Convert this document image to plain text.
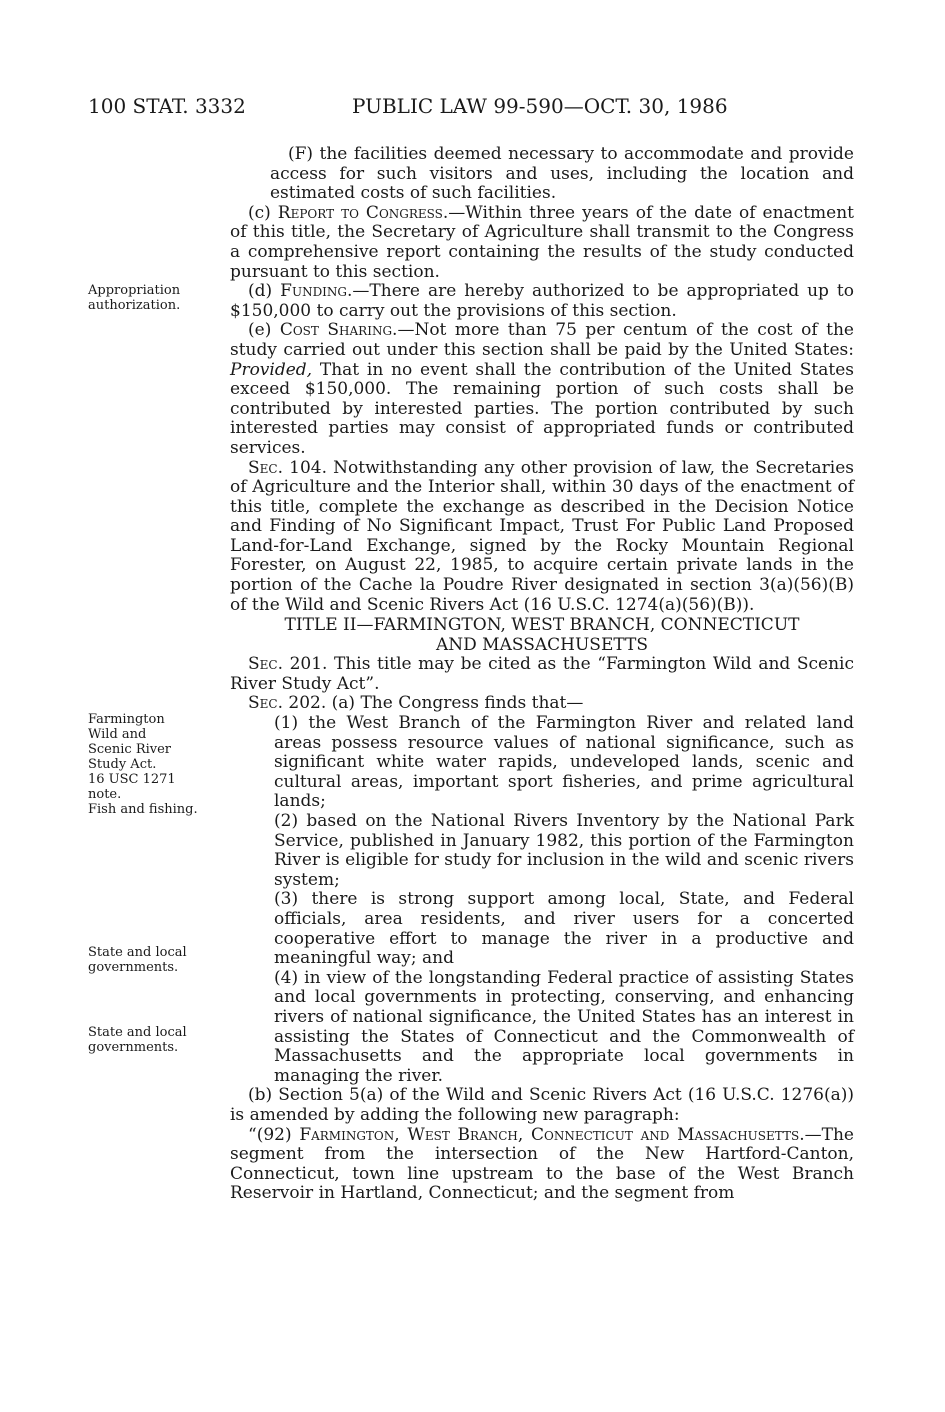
100 STAT. 3332	PUBLIC LAW 99-590—OCT. 30, 1986
Appropriation
authorization.
Farmington
Wild and
Scenic River
Study Act.
16 USC 1271
note.
Fish and fishing.
State and local
governments.
State and local
governments.

(F) the facilities deemed necessary to accommodate and provide access for such visitors and uses, including the location and estimated costs of such facilities.

(c) Report to Congress.—Within three years of the date of enactment of this title, the Secretary of Agriculture shall transmit to the Congress a comprehensive report containing the results of the study conducted pursuant to this section.

(d) Funding.—There are hereby authorized to be appropriated up to $150,000 to carry out the provisions of this section.

(e) Cost Sharing.—Not more than 75 per centum of the cost of the study carried out under this section shall be paid by the United States: Provided, That in no event shall the contribution of the United States exceed $150,000. The remaining portion of such costs shall be contributed by interested parties. The portion contributed by such interested parties may consist of appropriated funds or contributed services.

Sec. 104. Notwithstanding any other provision of law, the Secretaries of Agriculture and the Interior shall, within 30 days of the enactment of this title, complete the exchange as described in the Decision Notice and Finding of No Significant Impact, Trust For Public Land Proposed Land-for-Land Exchange, signed by the Rocky Mountain Regional Forester, on August 22, 1985, to acquire certain private lands in the portion of the Cache la Poudre River designated in section 3(a)(56)(B) of the Wild and Scenic Rivers Act (16 U.S.C. 1274(a)(56)(B)).

TITLE II—FARMINGTON, WEST BRANCH, CONNECTICUT
AND MASSACHUSETTS

Sec. 201. This title may be cited as the “Farmington Wild and Scenic River Study Act”.

Sec. 202. (a) The Congress finds that—

(1) the West Branch of the Farmington River and related land areas possess resource values of national significance, such as significant white water rapids, undeveloped lands, scenic and cultural areas, important sport fisheries, and prime agricultural lands;

(2) based on the National Rivers Inventory by the National Park Service, published in January 1982, this portion of the Farmington River is eligible for study for inclusion in the wild and scenic rivers system;

(3) there is strong support among local, State, and Federal officials, area residents, and river users for a concerted cooperative effort to manage the river in a productive and meaningful way; and

(4) in view of the longstanding Federal practice of assisting States and local governments in protecting, conserving, and enhancing rivers of national significance, the United States has an interest in assisting the States of Connecticut and the Commonwealth of Massachusetts and the appropriate local governments in managing the river.

(b) Section 5(a) of the Wild and Scenic Rivers Act (16 U.S.C. 1276(a)) is amended by adding the following new paragraph:

“(92) Farmington, West Branch, Connecticut and Massachusetts.—The segment from the intersection of the New Hartford-Canton, Connecticut, town line upstream to the base of the West Branch Reservoir in Hartland, Connecticut; and the segment from
